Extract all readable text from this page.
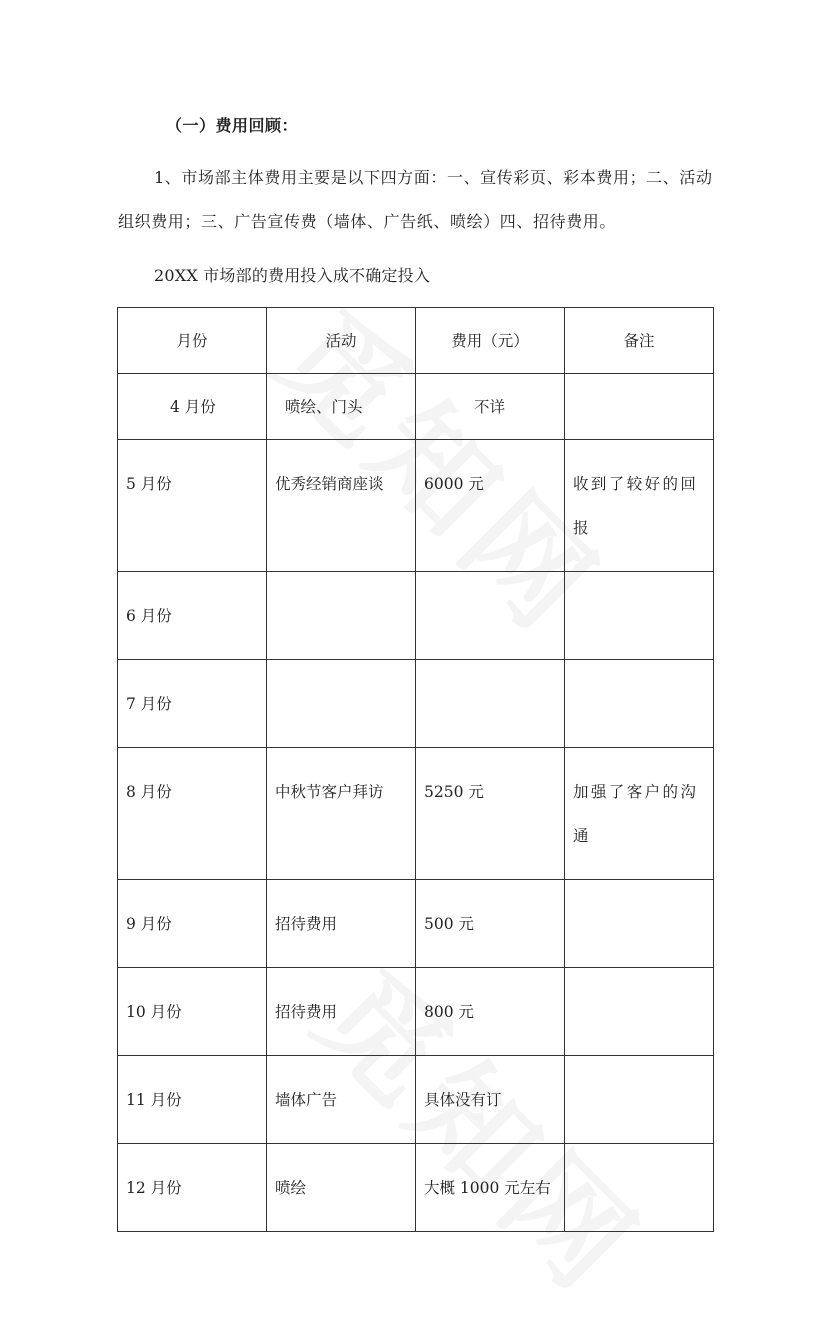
（一）费用回顾：
1、市场部主体费用主要是以下四方面：一、宣传彩页、彩本费用；二、活动组织费用；三、广告宣传费（墙体、广告纸、喷绘）四、招待费用。
20XX 市场部的费用投入成不确定投入
月份	活动	费用（元）	备注
4 月份	喷绘、门头	不详	
5 月份	优秀经销商座谈	6000 元	收到了较好的回报
6 月份			
7 月份			
8 月份	中秋节客户拜访	5250 元	加强了客户的沟通
9 月份	招待费用	500 元	
10 月份	招待费用	800 元	
11 月份	墙体广告	具体没有订	
12 月份	喷绘	大概 1000 元左右	
